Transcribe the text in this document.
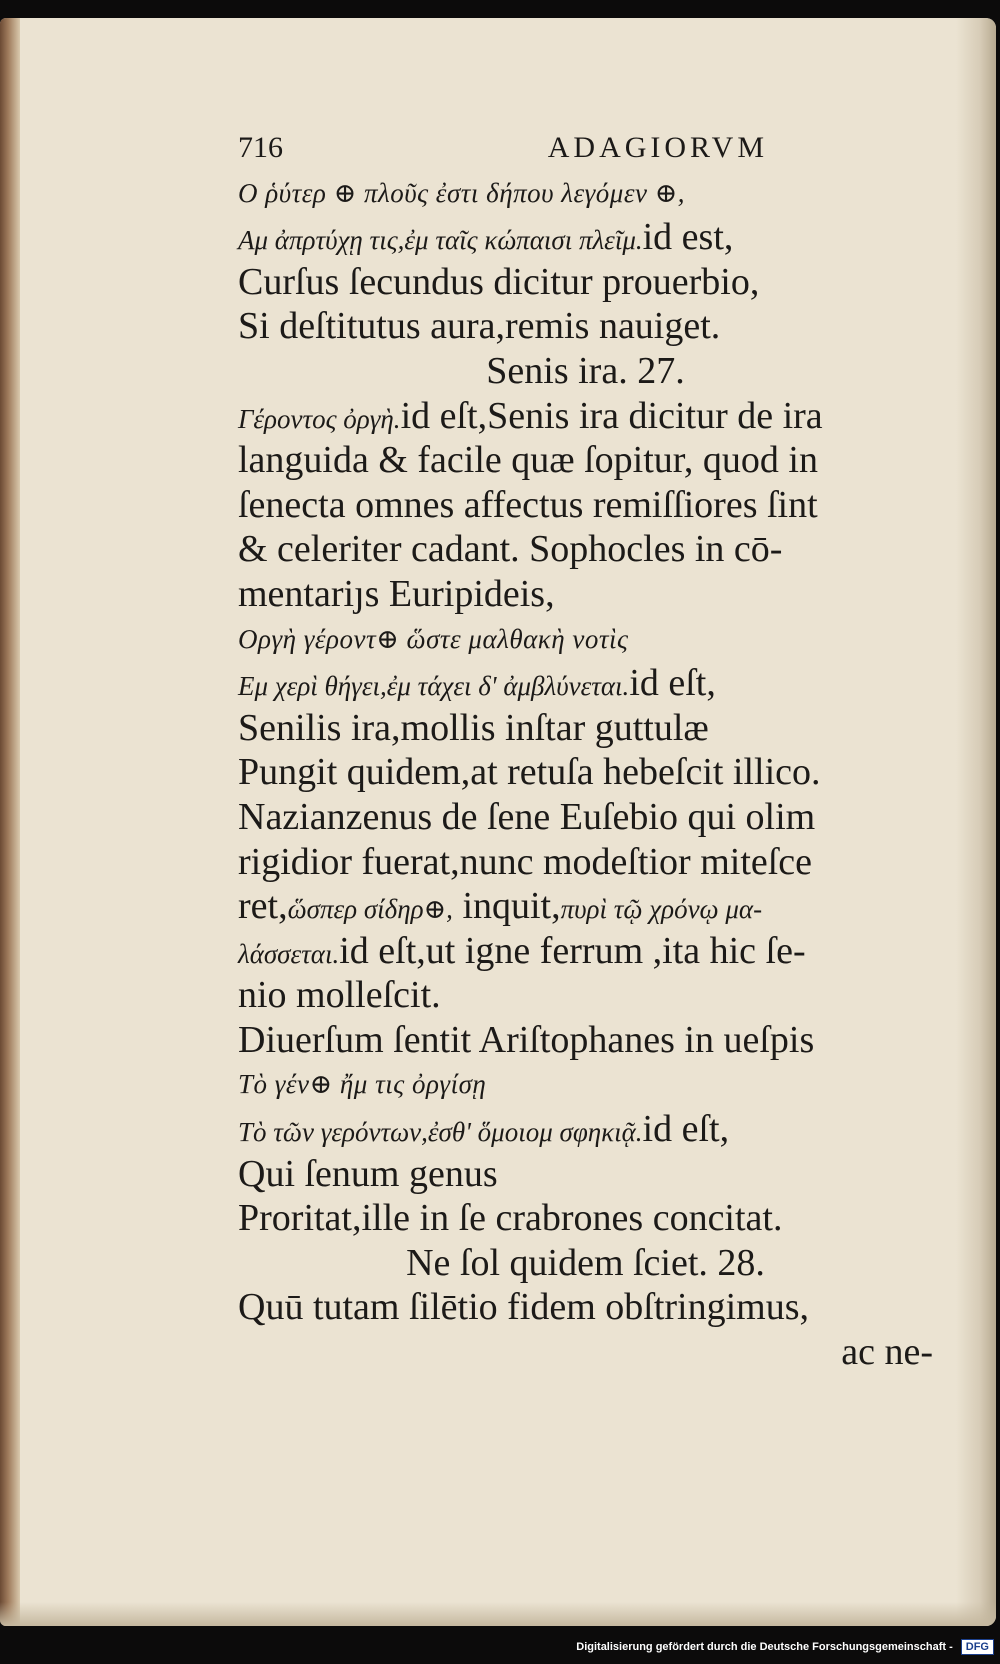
716	ADAGIORVM
Ο ῥύτερ ⊕ πλοῦς ἐστι δήπου λεγόμεν ⊕,
Αμ ἀπρτύχῃ τις,ἐμ ταῖς κώπαισι πλεῖμ.id est,
Curſus ſecundus dicitur prouerbio,
Si deſtitutus aura,remis nauiget.
Senis ira. 27.
Γέροντος ὀργὴ.id eſt,Senis ira dicitur de ira
languida & facile quæ ſopitur, quod in
ſenecta omnes affectus remiſſiores ſint
& celeriter cadant. Sophocles in cō-
mentariȷs Euripideis,
Οργὴ γέροντ⊕ ὥστε μαλθακὴ νοτὶς
Εμ χερὶ θήγει,ἐμ τάχει δ' ἀμβλύνεται.id eſt,
Senilis ira,mollis inſtar guttulæ
Pungit quidem,at retuſa hebeſcit illico.
Nazianzenus de ſene Euſebio qui olim
rigidior fuerat,nunc modeſtior miteſce
ret,ὥσπερ σίδηρ⊕, inquit,πυρὶ τῷ χρόνῳ μα-
λάσσεται.id eſt,ut igne ferrum ,ita hic ſe-
nio molleſcit.
Diuerſum ſentit Ariſtophanes in ueſpis
Τὸ γέν⊕ ἤμ τις ὀργίσῃ
Τὸ τῶν γερόντων,ἐσθ' ὅμοιομ σφηκιᾷ.id eſt,
Qui ſenum genus
Proritat,ille in ſe crabrones concitat.
Ne ſol quidem ſciet. 28.
Quū tutam ſilētio fidem obſtringimus,
ac ne-
Digitalisierung gefördert durch die Deutsche Forschungsgemeinschaft -	DFG
